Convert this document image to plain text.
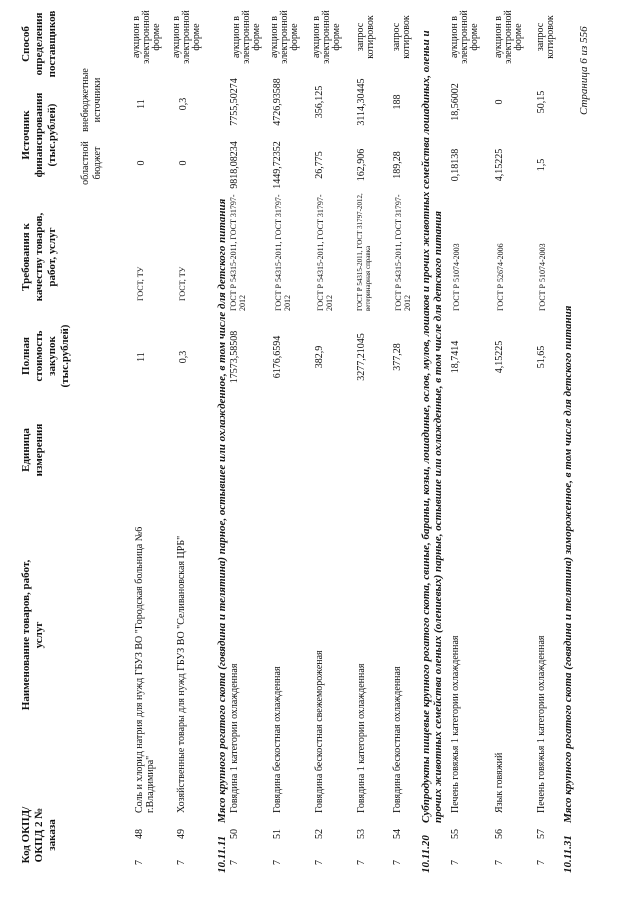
Код ОКПД/ ОКПД 2 № заказа
Наименование товаров, работ, услуг
Единица измерения
Полная стоимость закупок (тыс.рублей)
Требования к качеству товаров, работ, услуг
Источник финансирования (тыс.рублей) областной бюджет
внебюджетные источники
Способ определения поставщиков
7
48
Соль и хлорид натрия для нужд ГБУЗ ВО "Городская больница №6 г.Владимира"
11
ГОСТ, ТУ
0
11
аукцион в электронной форме
7
49
Хозяйственные товары для нужд ГБУЗ ВО "Селивановская ЦРБ"
0,3
ГОСТ, ТУ
0
0,3
аукцион в электронной форме
10.11.11
Мясо крупного рогатого скота (говядина и телятина) парное, остывшее или охлажденное, в том числе для детского питания
7
50
Говядина 1 категории охлажденная
17573,58508
ГОСТ Р 54315-2011, ГОСТ 31797-2012
9818,08234
7755,50274
аукцион в электронной форме
7
51
Говядина бескостная охлажденная
6176,6594
ГОСТ Р 54315-2011, ГОСТ 31797-2012
1449,72352
4726,93588
аукцион в электронной форме
7
52
Говядина бескостная свежемороженая
382,9
ГОСТ Р 54315-2011, ГОСТ 31797-2012
26,775
356,125
аукцион в электронной форме
7
53
Говядина 1 категории охлажденная
3277,21045
ГОСТ Р 54315-2011, ГОСТ 31797-2012, ветеринарная справка
162,906
3114,30445
запрос котировок
7
54
Говядина бескостная охлажденная
377,28
ГОСТ Р 54315-2011, ГОСТ 31797-2012
189,28
188
запрос котировок
10.11.20
Субпродукты пищевые крупного рогатого скота, свиные, бараньи, козьи, лошадиные, ослов, мулов, лошаков и прочих животных семейства лошадиных, оленьи и прочих животных семейства оленьих (олениевых) парные, остывшие или охлажденные, в том числе для детского питания
7
55
Печень говяжья 1 категории охлажденная
18,7414
ГОСТ Р 51074-2003
0,18138
18,56002
аукцион в электронной форме
7
56
Язык говяжий
4,15225
ГОСТ Р 52674-2006
4,15225
0
аукцион в электронной форме
7
57
Печень говяжья 1 категории охлажденная
51,65
ГОСТ Р 51074-2003
1,5
50,15
запрос котировок
10.11.31
Мясо крупного рогатого скота (говядина и телятина) замороженное, в том числе для детского питания
Страница 6 из 556
